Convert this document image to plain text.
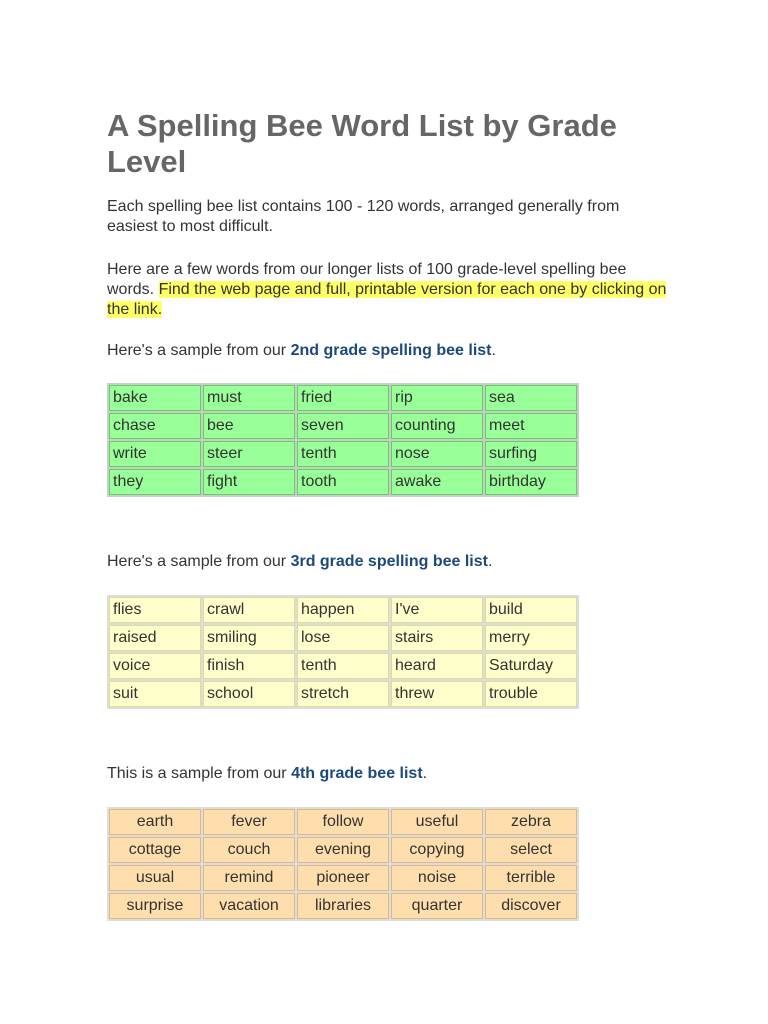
A Spelling Bee Word List by Grade Level

Each spelling bee list contains 100 - 120 words, arranged generally from easiest to most difficult.

Here are a few words from our longer lists of 100 grade-level spelling bee words. Find the web page and full, printable version for each one by clicking on the link.

Here's a sample from our 2nd grade spelling bee list.

bake	must	fried	rip	sea
chase	bee	seven	counting	meet
write	steer	tenth	nose	surfing
they	fight	tooth	awake	birthday

Here's a sample from our 3rd grade spelling bee list.

flies	crawl	happen	I've	build
raised	smiling	lose	stairs	merry
voice	finish	tenth	heard	Saturday
suit	school	stretch	threw	trouble

This is a sample from our 4th grade bee list.

earth	fever	follow	useful	zebra
cottage	couch	evening	copying	select
usual	remind	pioneer	noise	terrible
surprise	vacation	libraries	quarter	discover
